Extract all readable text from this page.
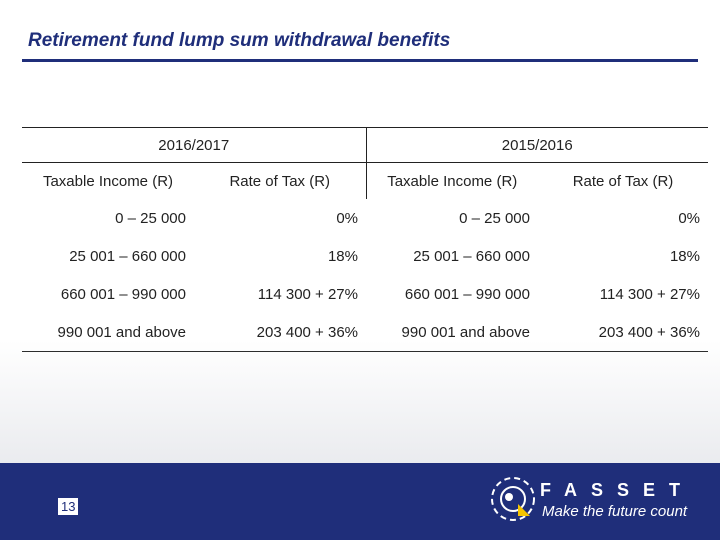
Retirement fund lump sum withdrawal benefits
2016/2017		2015/2016	
Taxable Income (R)	Rate of Tax (R)	Taxable Income (R)	Rate of Tax (R)
0 – 25 000	0%	0 – 25 000	0%
25 001 – 660 000	18%	25 001 – 660 000	18%
660 001 – 990 000	114 300 + 27%	660 001 – 990 000	114 300 + 27%
990 001 and above	203 400 + 36%	990 001 and above	203 400 + 36%
13
FASSET
Make the future count
